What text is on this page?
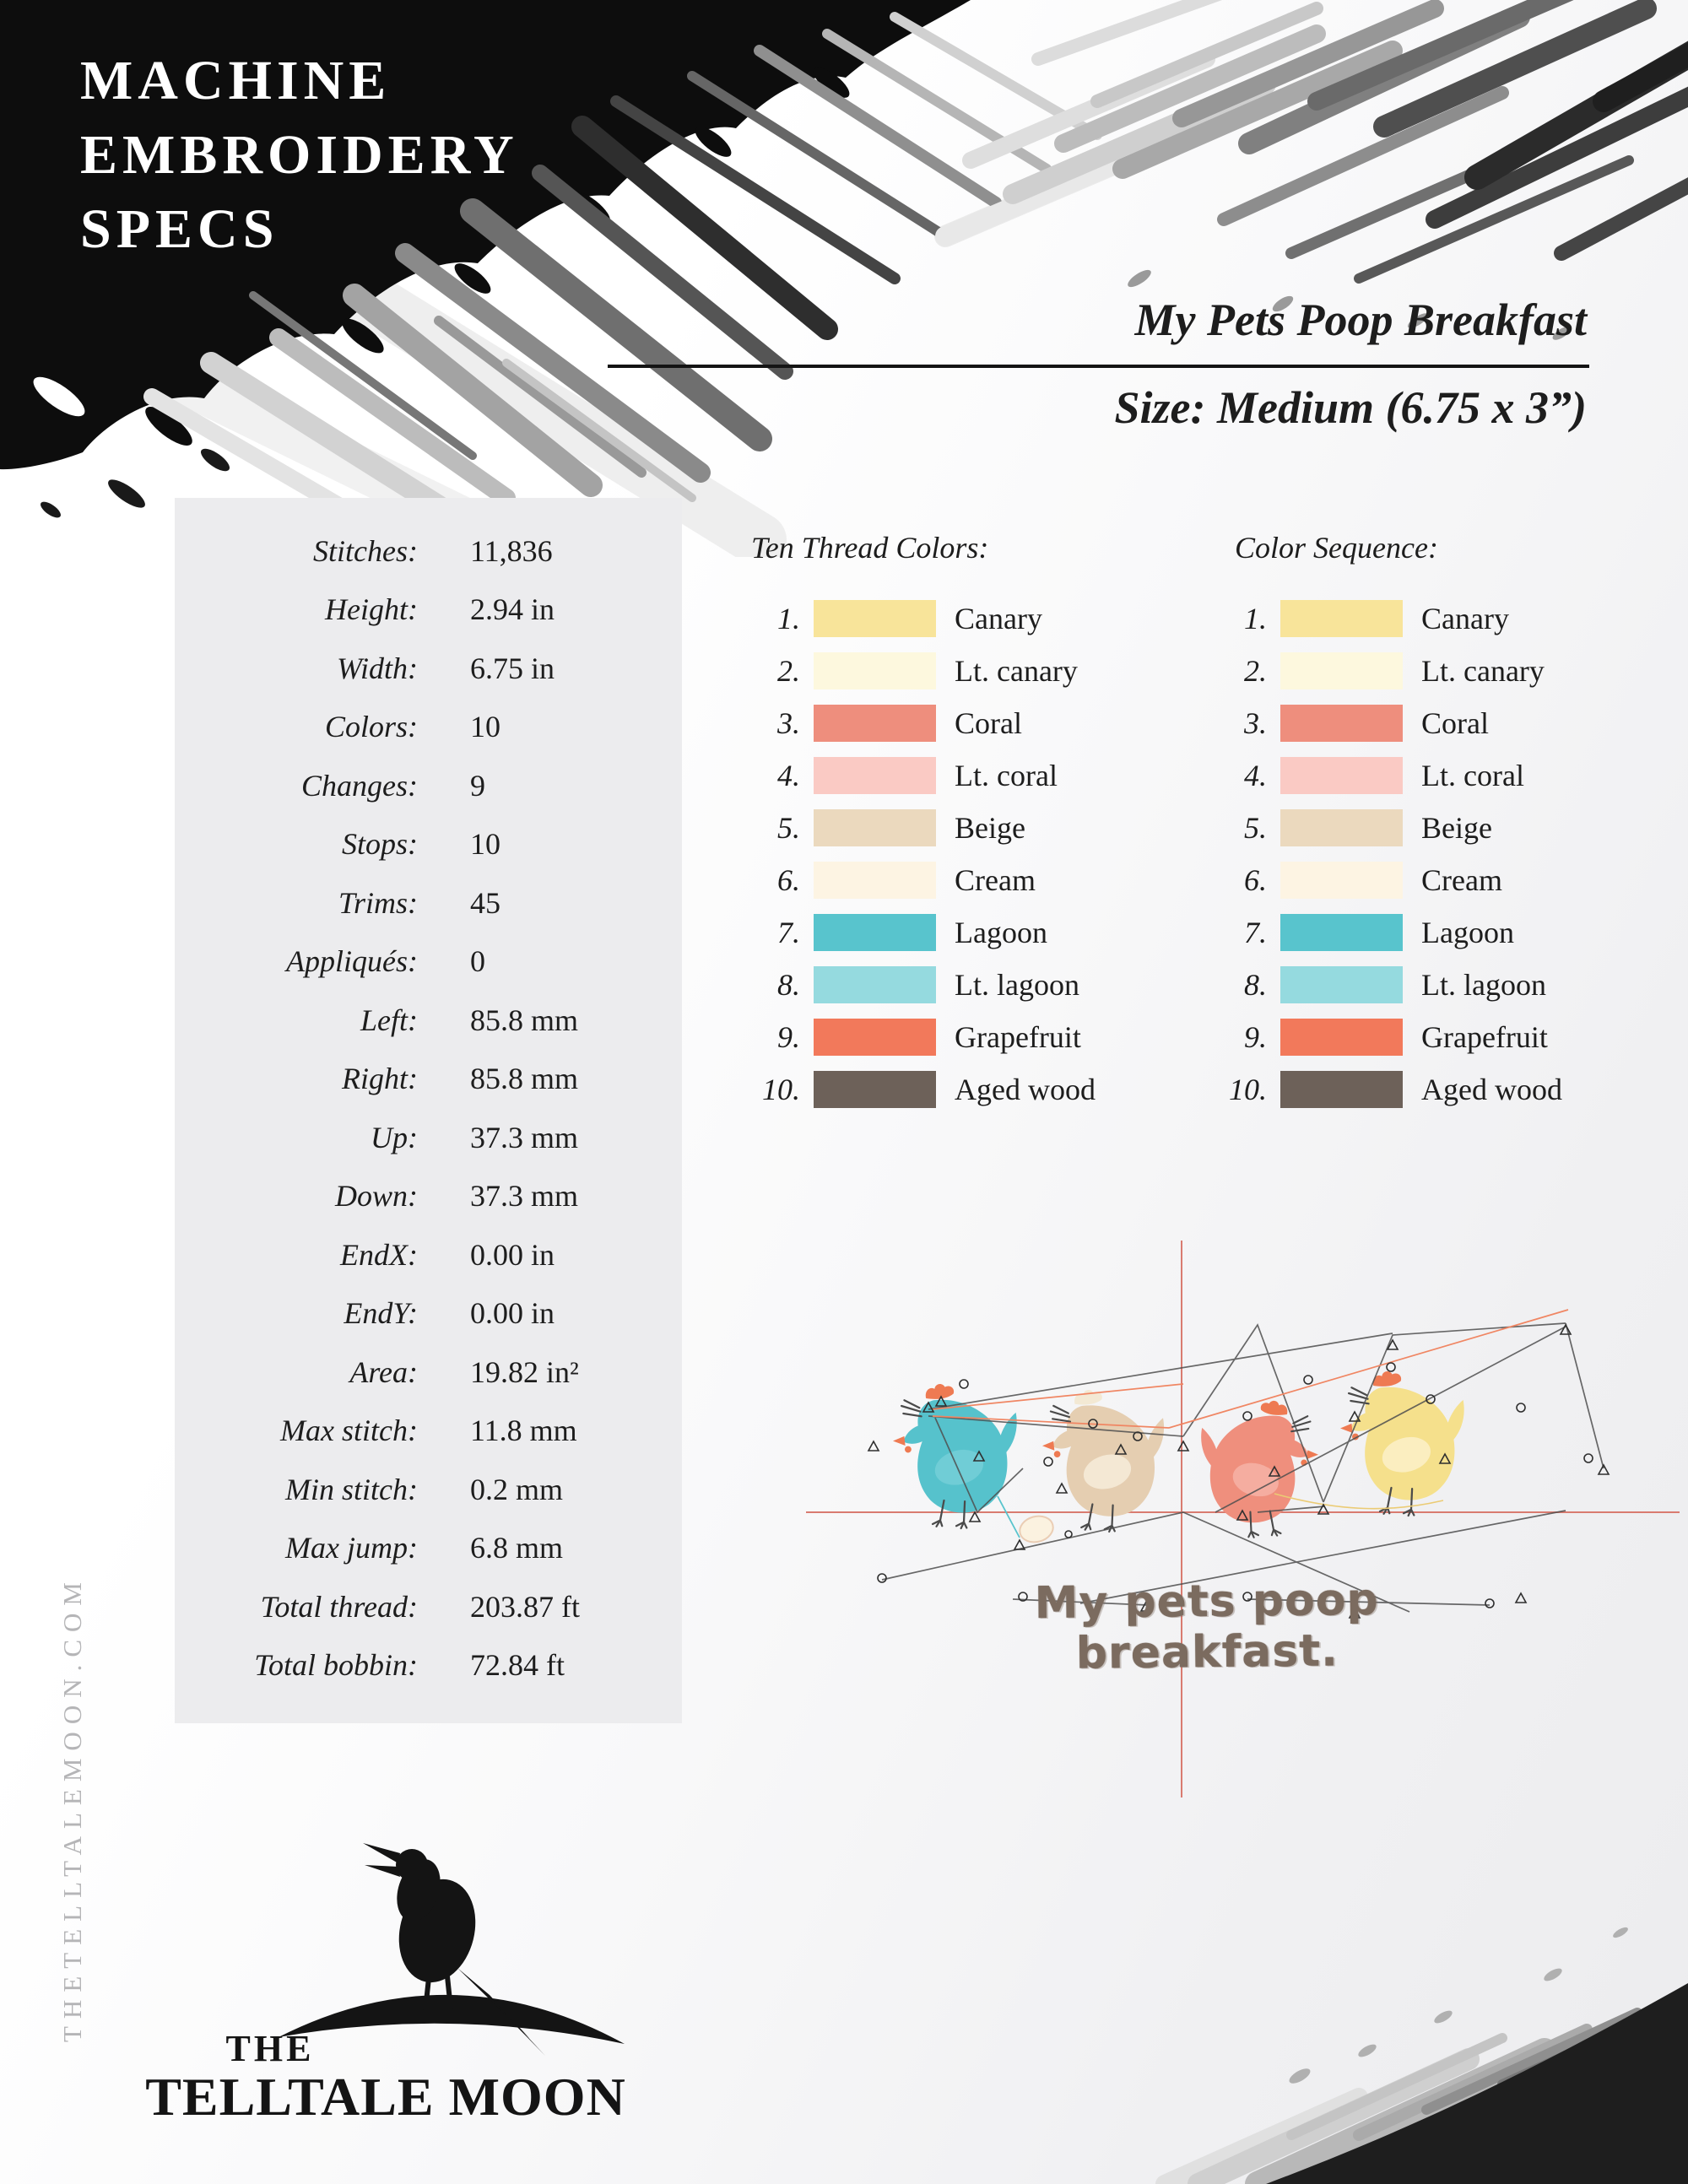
MACHINE
EMBROIDERY
SPECS
My Pets Poop Breakfast
Size: Medium (6.75 x 3”)
Stitches: 11,836
Height: 2.94 in
Width: 6.75 in
Colors: 10
Changes: 9
Stops: 10
Trims: 45
Appliqués: 0
Left: 85.8 mm
Right: 85.8 mm
Up: 37.3 mm
Down: 37.3 mm
EndX: 0.00 in
EndY: 0.00 in
Area: 19.82 in²
Max stitch: 11.8 mm
Min stitch: 0.2 mm
Max jump: 6.8 mm
Total thread: 203.87 ft
Total bobbin: 72.84 ft
Ten Thread Colors:
1.	Canary
2.	Lt. canary
3.	Coral
4.	Lt. coral
5.	Beige
6.	Cream
7.	Lagoon
8.	Lt. lagoon
9.	Grapefruit
10.	Aged wood
Color Sequence:
1.	Canary
2.	Lt. canary
3.	Coral
4.	Lt. coral
5.	Beige
6.	Cream
7.	Lagoon
8.	Lt. lagoon
9.	Grapefruit
10.	Aged wood
My pets poop breakfast.
THETELLTALEMOON.COM
THE
TELLTALE MOON
